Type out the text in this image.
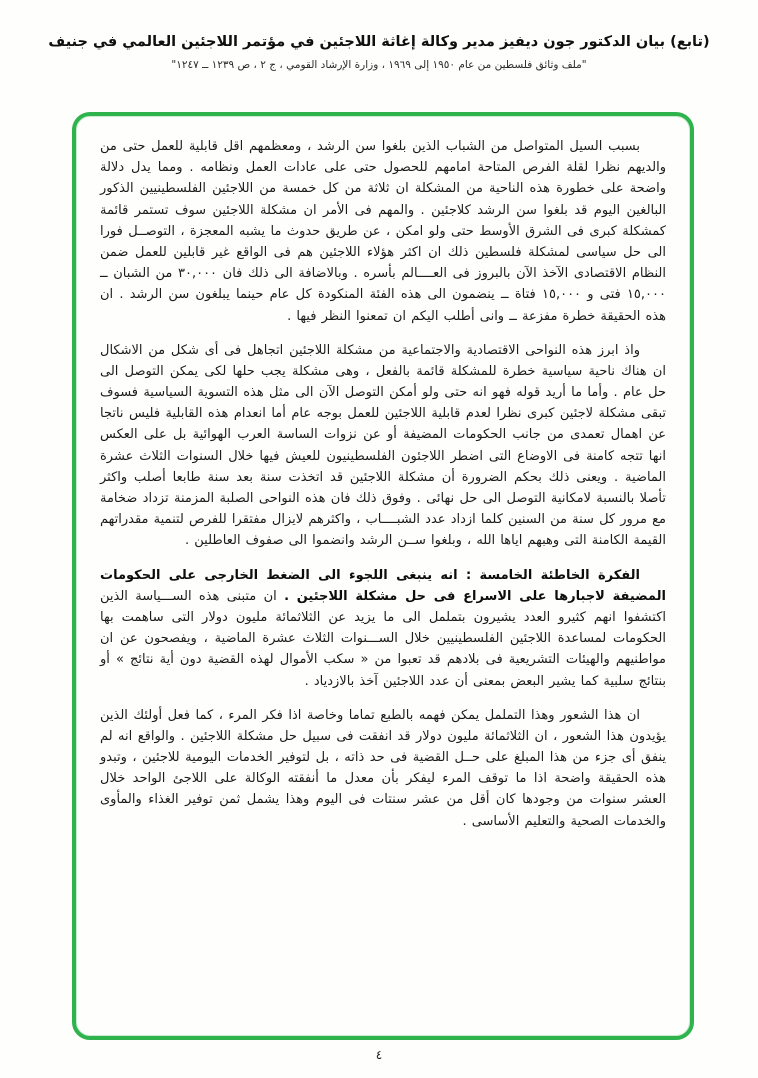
(تابع) بيان الدكتور جون ديفيز مدير وكالة إغاثة اللاجئين في مؤتمر اللاجئين العالمي في جنيف
"ملف وثائق فلسطين من عام ١٩٥٠ إلى ١٩٦٩ ، وزارة الإرشاد القومي ، ج ٢ ، ص ١٢٣٩ ــ ١٢٤٧"

بسبب السيل المتواصل من الشباب الذين بلغوا سن الرشد ، ومعظمهم اقل قابلية للعمل حتى من والديهم نظرا لقلة الفرص المتاحة امامهم للحصول حتى على عادات العمل ونظامه . ومما يدل دلالة واضحة على خطورة هذه الناحية من المشكلة ان ثلاثة من كل خمسة من اللاجئين الفلسطينيين الذكور البالغين اليوم قد بلغوا سن الرشد كلاجئين . والمهم فى الأمر ان مشكلة اللاجئين سوف تستمر قائمة كمشكلة كبرى فى الشرق الأوسط حتى ولو امكن ، عن طريق حدوث ما يشبه المعجزة ، التوصــل فورا الى حل سياسى لمشكلة فلسطين ذلك ان اكثر هؤلاء اللاجئين هم فى الواقع غير قابلين للعمل ضمن النظام الاقتصادى الآخذ الآن بالبروز فى العــــالم بأسره . وبالاضافة الى ذلك فان ٣٠,٠٠٠ من الشبان ــ ١٥,٠٠٠ فتى و ١٥,٠٠٠ فتاة ــ ينضمون الى هذه الفئة المنكودة كل عام حينما يبلغون سن الرشد . ان هذه الحقيقة خطرة مفزعة ــ وانى أطلب اليكم ان تمعنوا النظر فيها .

واذ ابرز هذه النواحى الاقتصادية والاجتماعية من مشكلة اللاجئين اتجاهل فى أى شكل من الاشكال ان هناك ناحية سياسية خطرة للمشكلة قائمة بالفعل ، وهى مشكلة يجب حلها لكى يمكن التوصل الى حل عام . وأما ما أريد قوله فهو انه حتى ولو أمكن التوصل الآن الى مثل هذه التسوية السياسية فسوف تبقى مشكلة لاجئين كبرى نظرا لعدم قابلية اللاجئين للعمل بوجه عام أما انعدام هذه القابلية فليس ناتجا عن اهمال تعمدى من جانب الحكومات المضيفة أو عن نزوات الساسة العرب الهوائية بل على العكس انها تتجه كامنة فى الاوضاع التى اضطر اللاجئون الفلسطينيون للعيش فيها خلال السنوات الثلاث عشرة الماضية . ويعنى ذلك بحكم الضرورة أن مشكلة اللاجئين قد اتخذت سنة بعد سنة طابعا أصلب واكثر تأصلا بالنسبة لامكانية التوصل الى حل نهائى . وفوق ذلك فان هذه النواحى الصلبة المزمنة تزداد ضخامة مع مرور كل سنة من السنين كلما ازداد عدد الشبــــاب ، واكثرهم لايزال مفتقرا للفرص لتنمية مقدراتهم القيمة الكامنة التى وهبهم اياها الله ، وبلغوا ســن الرشد وانضموا الى صفوف العاطلين .

الفكرة الخاطئة الخامسة : انه ينبغى اللجوء الى الضغط الخارجى على الحكومات المضيفة لاجبارها على الاسراع فى حل مشكلة اللاجئين . ان متبنى هذه الســـياسة الذين اكتشفوا انهم كثيرو العدد يشيرون بتململ الى ما يزيد عن الثلاثمائة مليون دولار التى ساهمت بها الحكومات لمساعدة اللاجئين الفلسطينيين خلال الســـنوات الثلاث عشرة الماضية ، ويفصحون عن ان مواطنيهم والهيئات التشريعية فى بلادهم قد تعبوا من « سكب الأموال لهذه القضية دون أية نتائج » أو بنتائج سلبية كما يشير البعض بمعنى أن عدد اللاجئين آخذ بالازدياد .

ان هذا الشعور وهذا التململ يمكن فهمه بالطبع تماما وخاصة اذا فكر المرء ، كما فعل أولئك الذين يؤيدون هذا الشعور ، ان الثلاثمائة مليون دولار قد انفقت فى سبيل حل مشكلة اللاجئين . والواقع انه لم ينفق أى جزء من هذا المبلغ على حــل القضية فى حد ذاته ، بل لتوفير الخدمات اليومية للاجئين ، وتبدو هذه الحقيقة واضحة اذا ما توقف المرء ليفكر بأن معدل ما أنفقته الوكالة على اللاجئ الواحد خلال العشر سنوات من وجودها كان أقل من عشر سنتات فى اليوم وهذا يشمل ثمن توفير الغذاء والمأوى والخدمات الصحية والتعليم الأساسى .

٤
